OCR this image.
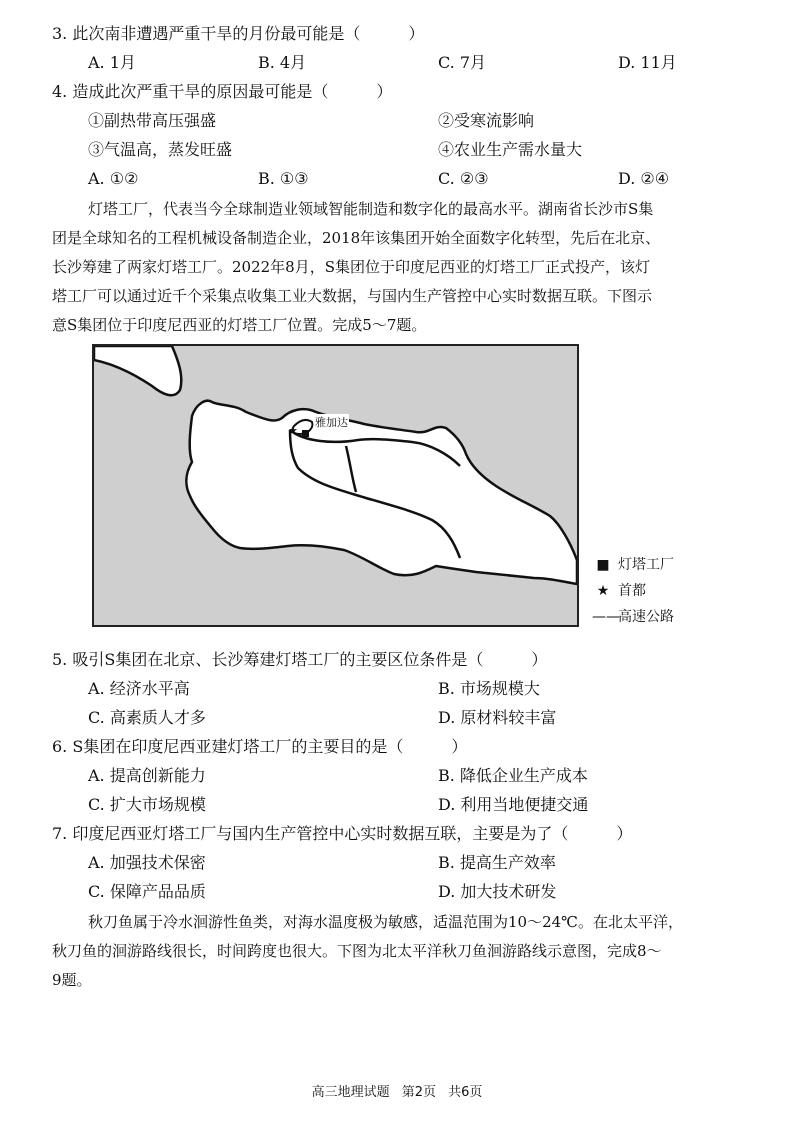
3. 此次南非遭遇严重干旱的月份最可能是（　　　）
A. 1月	B. 4月	C. 7月	D. 11月
4. 造成此次严重干旱的原因最可能是（　　　）
①副热带高压强盛	②受寒流影响
③气温高，蒸发旺盛	④农业生产需水量大
A. ①②	B. ①③	C. ②③	D. ②④
灯塔工厂，代表当今全球制造业领域智能制造和数字化的最高水平。湖南省长沙市S集
团是全球知名的工程机械设备制造企业，2018年该集团开始全面数字化转型，先后在北京、
长沙筹建了两家灯塔工厂。2022年8月，S集团位于印度尼西亚的灯塔工厂正式投产，该灯
塔工厂可以通过近千个采集点收集工业大数据，与国内生产管控中心实时数据互联。下图示
意S集团位于印度尼西亚的灯塔工厂位置。完成5～7题。
★
雅加达
■ 灯塔工厂
★ 首都
——高速公路
5. 吸引S集团在北京、长沙筹建灯塔工厂的主要区位条件是（　　　）
A. 经济水平高	B. 市场规模大
C. 高素质人才多	D. 原材料较丰富
6. S集团在印度尼西亚建灯塔工厂的主要目的是（　　　）
A. 提高创新能力	B. 降低企业生产成本
C. 扩大市场规模	D. 利用当地便捷交通
7. 印度尼西亚灯塔工厂与国内生产管控中心实时数据互联，主要是为了（　　　）
A. 加强技术保密	B. 提高生产效率
C. 保障产品品质	D. 加大技术研发
秋刀鱼属于冷水洄游性鱼类，对海水温度极为敏感，适温范围为10～24℃。在北太平洋，
秋刀鱼的洄游路线很长，时间跨度也很大。下图为北太平洋秋刀鱼洄游路线示意图，完成8～
9题。
高三地理试题 第2页 共6页
